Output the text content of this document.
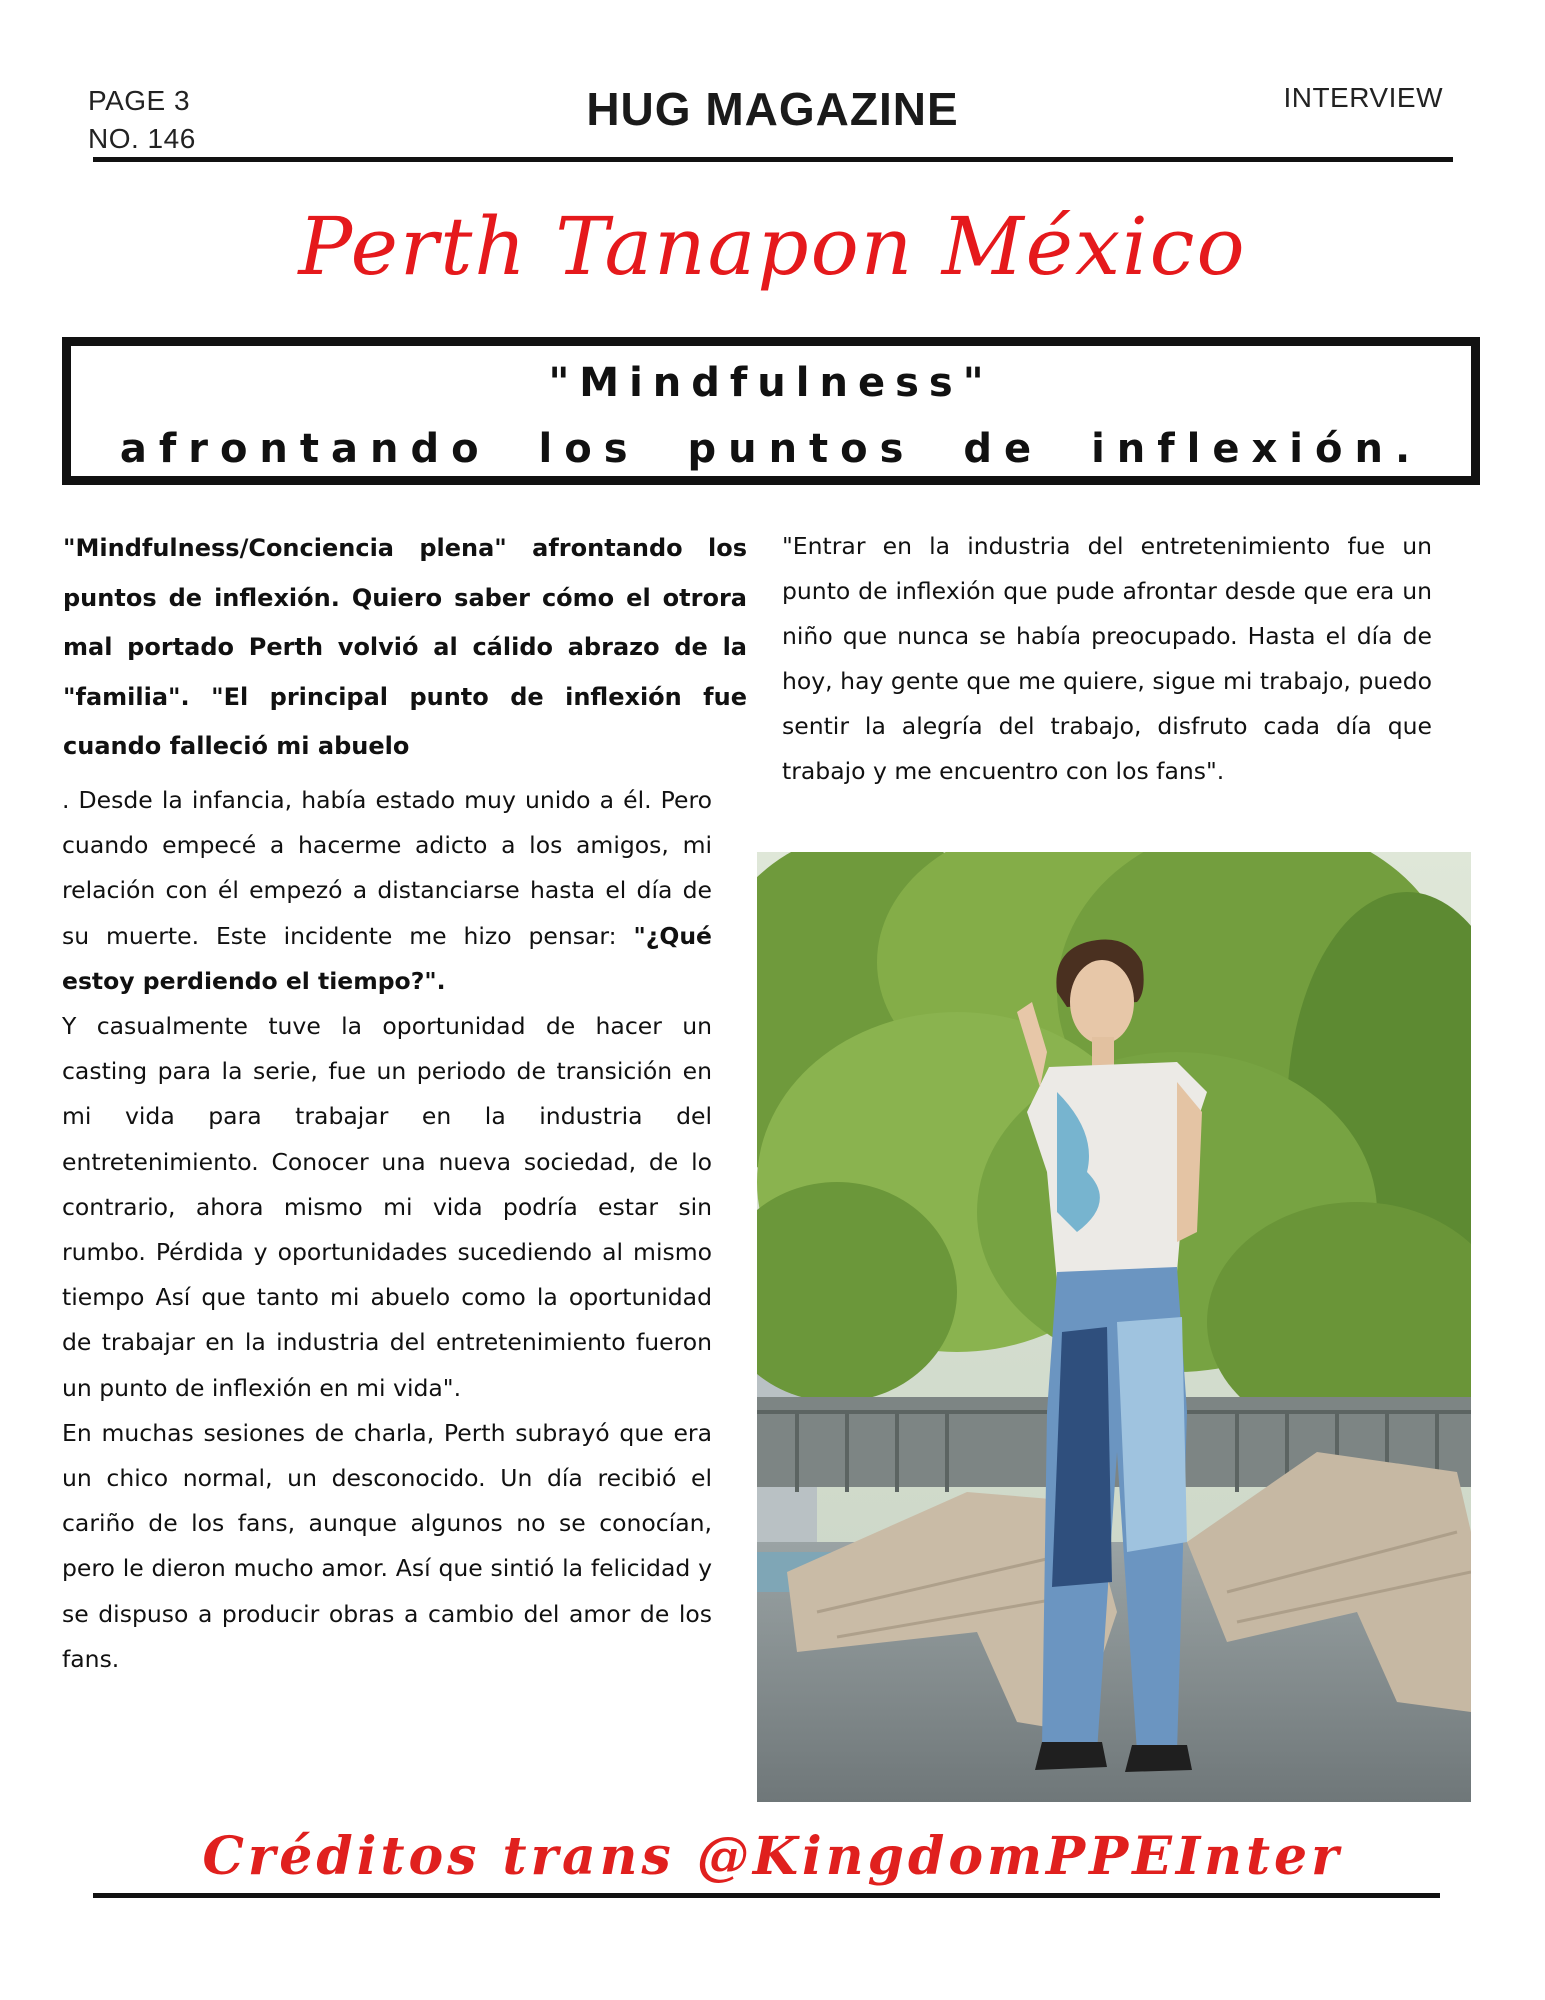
PAGE 3
NO. 146
HUG MAGAZINE	INTERVIEW
Perth Tanapon México
"Mindfulness"
afrontando los puntos de inflexión.
"Mindfulness/Conciencia plena" afrontando los puntos de inflexión. Quiero saber cómo el otrora mal portado Perth volvió al cálido abrazo de la "familia". "El principal punto de inflexión fue cuando falleció mi abuelo

. Desde la infancia, había estado muy unido a él. Pero cuando empecé a hacerme adicto a los amigos, mi relación con él empezó a distanciarse hasta el día de su muerte. Este incidente me hizo pensar: "¿Qué estoy perdiendo el tiempo?".

Y casualmente tuve la oportunidad de hacer un casting para la serie, fue un periodo de transición en mi vida para trabajar en la industria del entretenimiento. Conocer una nueva sociedad, de lo contrario, ahora mismo mi vida podría estar sin rumbo. Pérdida y oportunidades sucediendo al mismo tiempo Así que tanto mi abuelo como la oportunidad de trabajar en la industria del entretenimiento fueron un punto de inflexión en mi vida".

En muchas sesiones de charla, Perth subrayó que era un chico normal, un desconocido. Un día recibió el cariño de los fans, aunque algunos no se conocían, pero le dieron mucho amor. Así que sintió la felicidad y se dispuso a producir obras a cambio del amor de los fans.

"Entrar en la industria del entretenimiento fue un punto de inflexión que pude afrontar desde que era un niño que nunca se había preocupado. Hasta el día de hoy, hay gente que me quiere, sigue mi trabajo, puedo sentir la alegría del trabajo, disfruto cada día que trabajo y me encuentro con los fans".
Créditos trans @KingdomPPEInter
